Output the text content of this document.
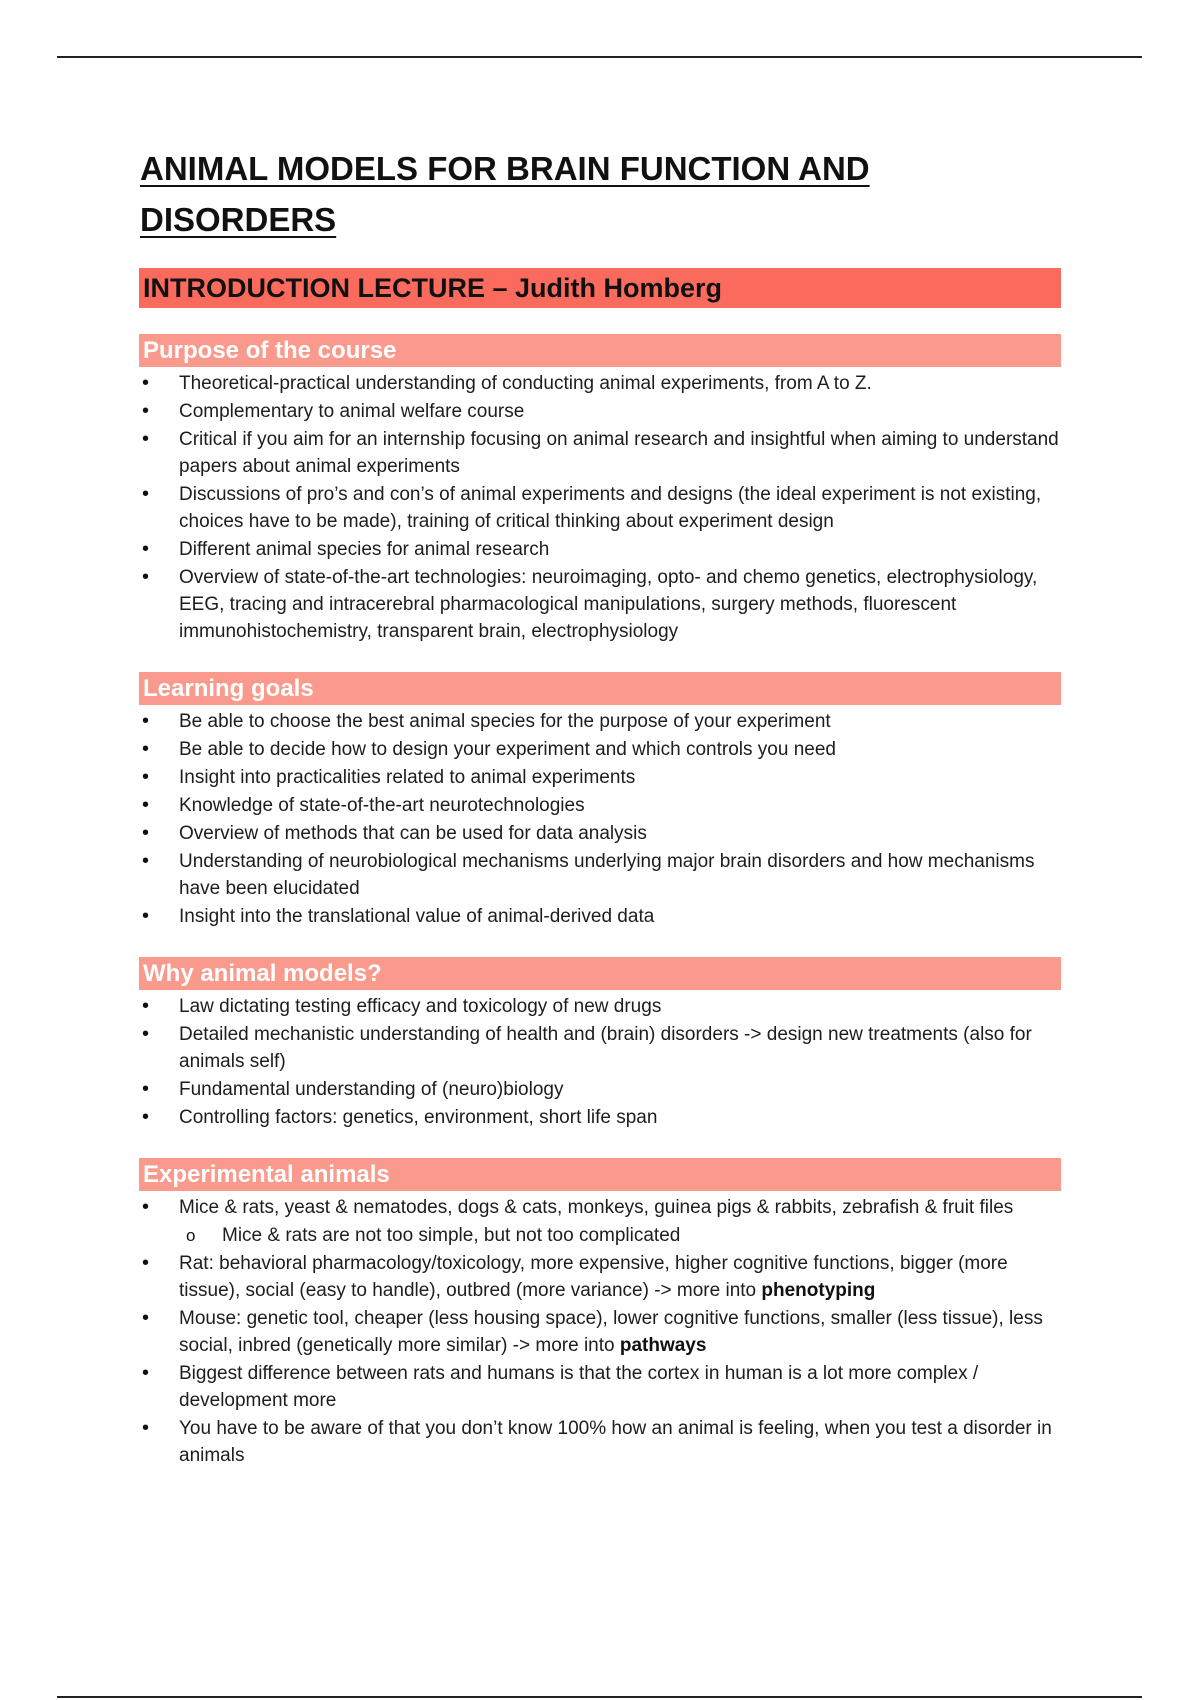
ANIMAL MODELS FOR BRAIN FUNCTION AND
DISORDERS
INTRODUCTION LECTURE – Judith Homberg
Purpose of the course
• Theoretical-practical understanding of conducting animal experiments, from A to Z.
• Complementary to animal welfare course
• Critical if you aim for an internship focusing on animal research and insightful when aiming to understand papers about animal experiments
• Discussions of pro’s and con’s of animal experiments and designs (the ideal experiment is not existing, choices have to be made), training of critical thinking about experiment design
• Different animal species for animal research
• Overview of state-of-the-art technologies: neuroimaging, opto- and chemo genetics, electrophysiology, EEG, tracing and intracerebral pharmacological manipulations, surgery methods, fluorescent immunohistochemistry, transparent brain, electrophysiology
Learning goals
• Be able to choose the best animal species for the purpose of your experiment
• Be able to decide how to design your experiment and which controls you need
• Insight into practicalities related to animal experiments
• Knowledge of state-of-the-art neurotechnologies
• Overview of methods that can be used for data analysis
• Understanding of neurobiological mechanisms underlying major brain disorders and how mechanisms have been elucidated
• Insight into the translational value of animal-derived data
Why animal models?
• Law dictating testing efficacy and toxicology of new drugs
• Detailed mechanistic understanding of health and (brain) disorders -> design new treatments (also for animals self)
• Fundamental understanding of (neuro)biology
• Controlling factors: genetics, environment, short life span
Experimental animals
• Mice & rats, yeast & nematodes, dogs & cats, monkeys, guinea pigs & rabbits, zebrafish & fruit files
o Mice & rats are not too simple, but not too complicated
• Rat: behavioral pharmacology/toxicology, more expensive, higher cognitive functions, bigger (more tissue), social (easy to handle), outbred (more variance) -> more into phenotyping
• Mouse: genetic tool, cheaper (less housing space), lower cognitive functions, smaller (less tissue), less social, inbred (genetically more similar) -> more into pathways
• Biggest difference between rats and humans is that the cortex in human is a lot more complex / development more
• You have to be aware of that you don’t know 100% how an animal is feeling, when you test a disorder in animals
